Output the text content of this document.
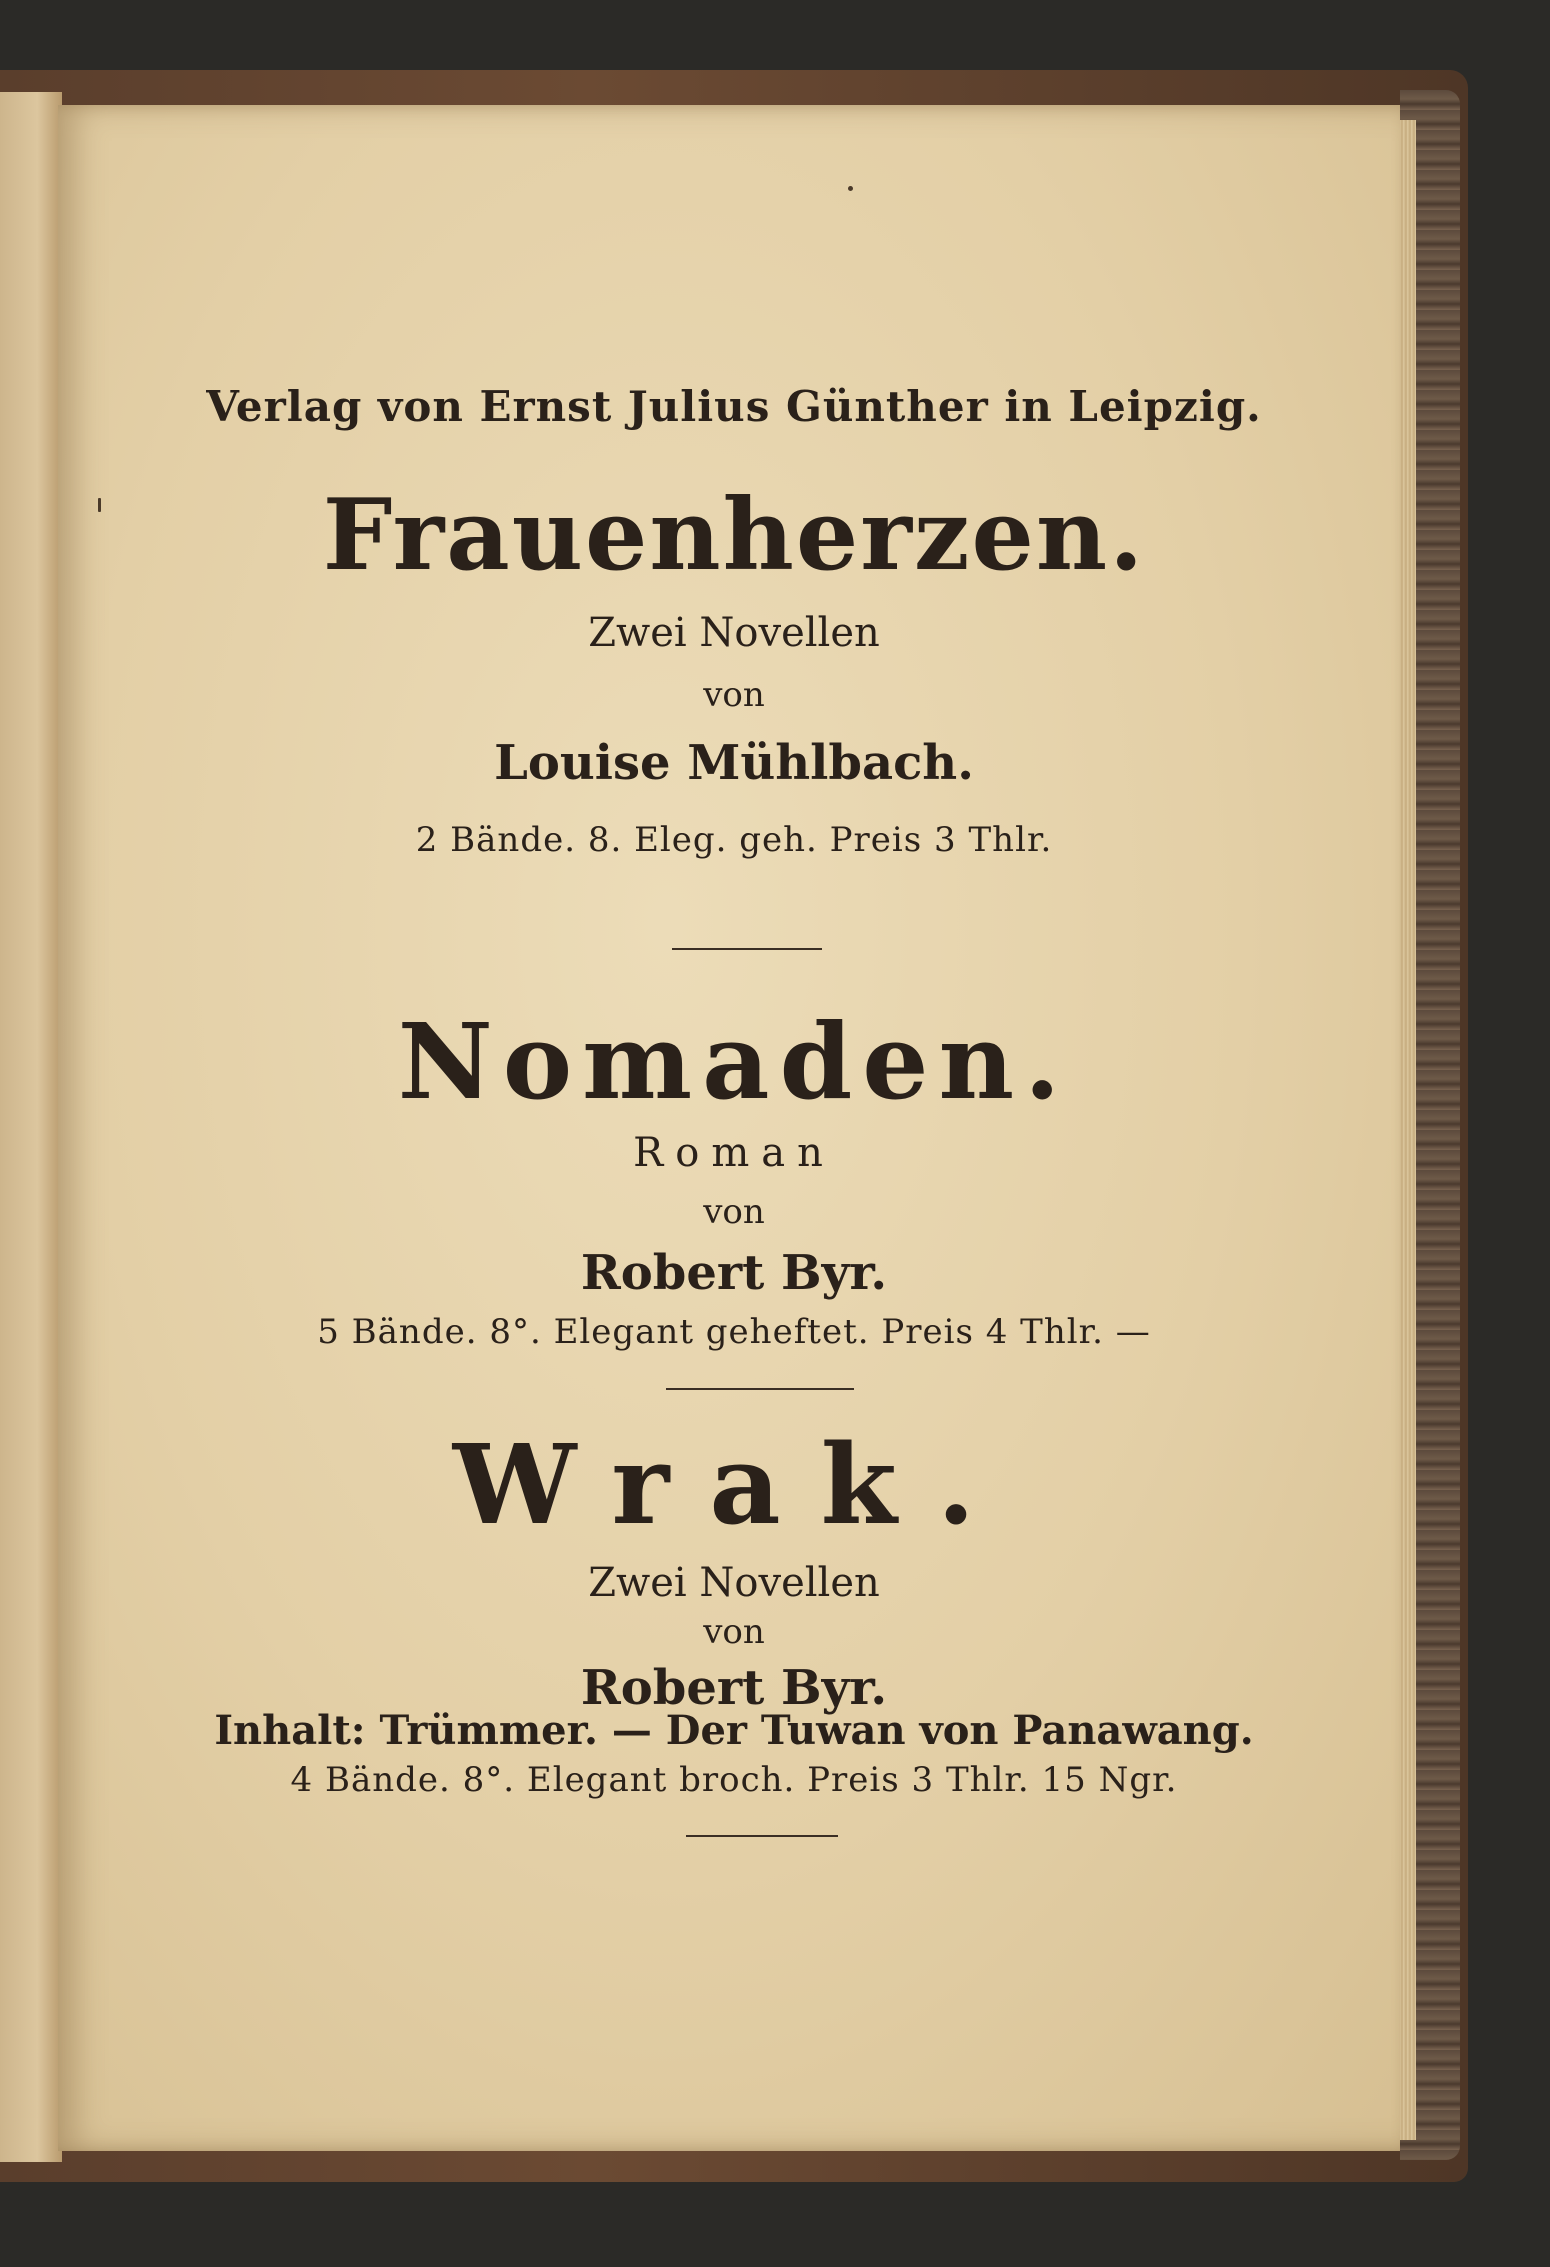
Verlag von Ernst Julius Günther in Leipzig.
Frauenherzen.
Zwei Novellen
von
Louise Mühlbach.
2 Bände. 8. Eleg. geh. Preis 3 Thlr.
Nomaden.
Roman
von
Robert Byr.
5 Bände. 8°. Elegant geheftet. Preis 4 Thlr. —
Wrak.
Zwei Novellen
von
Robert Byr.
Inhalt: Trümmer. — Der Tuwan von Panawang.
4 Bände. 8°. Elegant broch. Preis 3 Thlr. 15 Ngr.
